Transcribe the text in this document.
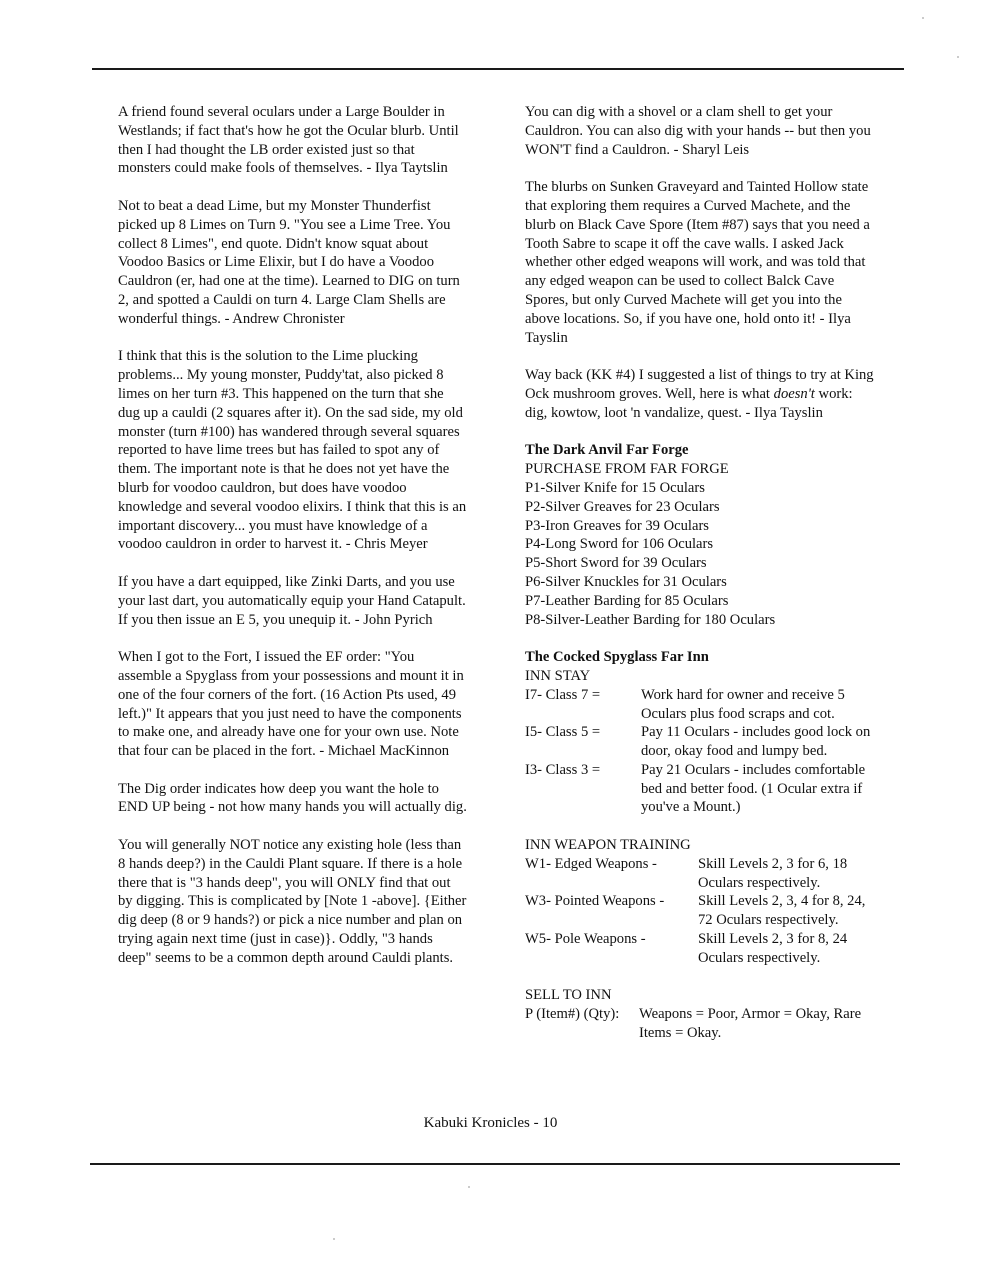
A friend found several oculars under a Large Boulder in Westlands; if fact that's how he got the Ocular blurb. Until then I had thought the LB order existed just so that monsters could make fools of themselves. - Ilya Taytslin

Not to beat a dead Lime, but my Monster Thunderfist picked up 8 Limes on Turn 9. "You see a Lime Tree. You collect 8 Limes", end quote. Didn't know squat about Voodoo Basics or Lime Elixir, but I do have a Voodoo Cauldron (er, had one at the time). Learned to DIG on turn 2, and spotted a Cauldi on turn 4. Large Clam Shells are wonderful things. - Andrew Chronister

I think that this is the solution to the Lime plucking problems... My young monster, Puddy'tat, also picked 8 limes on her turn #3. This happened on the turn that she dug up a cauldi (2 squares after it). On the sad side, my old monster (turn #100) has wandered through several squares reported to have lime trees but has failed to spot any of them. The important note is that he does not yet have the blurb for voodoo cauldron, but does have voodoo knowledge and several voodoo elixirs. I think that this is an important discovery... you must have knowledge of a voodoo cauldron in order to harvest it. - Chris Meyer

If you have a dart equipped, like Zinki Darts, and you use your last dart, you automatically equip your Hand Catapult. If you then issue an E 5, you unequip it. - John Pyrich

When I got to the Fort, I issued the EF order: "You assemble a Spyglass from your possessions and mount it in one of the four corners of the fort. (16 Action Pts used, 49 left.)" It appears that you just need to have the components to make one, and already have one for your own use. Note that four can be placed in the fort. - Michael MacKinnon

The Dig order indicates how deep you want the hole to END UP being - not how many hands you will actually dig.

You will generally NOT notice any existing hole (less than 8 hands deep?) in the Cauldi Plant square. If there is a hole there that is "3 hands deep", you will ONLY find that out by digging. This is complicated by [Note 1 -above]. {Either dig deep (8 or 9 hands?) or pick a nice number and plan on trying again next time (just in case)}. Oddly, "3 hands deep" seems to be a common depth around Cauldi plants.

You can dig with a shovel or a clam shell to get your Cauldron. You can also dig with your hands -- but then you WON'T find a Cauldron. - Sharyl Leis

The blurbs on Sunken Graveyard and Tainted Hollow state that exploring them requires a Curved Machete, and the blurb on Black Cave Spore (Item #87) says that you need a Tooth Sabre to scape it off the cave walls. I asked Jack whether other edged weapons will work, and was told that any edged weapon can be used to collect Balck Cave Spores, but only Curved Machete will get you into the above locations. So, if you have one, hold onto it! - Ilya Tayslin

Way back (KK #4) I suggested a list of things to try at King Ock mushroom groves. Well, here is what doesn't work: dig, kowtow, loot 'n vandalize, quest. - Ilya Tayslin

The Dark Anvil Far Forge
PURCHASE FROM FAR FORGE
P1-Silver Knife for 15 Oculars
P2-Silver Greaves for 23 Oculars
P3-Iron Greaves for 39 Oculars
P4-Long Sword for 106 Oculars
P5-Short Sword for 39 Oculars
P6-Silver Knuckles for 31 Oculars
P7-Leather Barding for 85 Oculars
P8-Silver-Leather Barding for 180 Oculars
The Cocked Spyglass Far Inn
INN STAY
I7- Class 7 =	Work hard for owner and receive 5 Oculars plus food scraps and cot.
I5- Class 5 =	Pay 11 Oculars - includes good lock on door, okay food and lumpy bed.
I3- Class 3 =	Pay 21 Oculars - includes comfortable bed and better food. (1 Ocular extra if you've a Mount.)
INN WEAPON TRAINING
W1- Edged Weapons -	Skill Levels 2, 3 for 6, 18 Oculars respectively.
W3- Pointed Weapons -	Skill Levels 2, 3, 4 for 8, 24, 72 Oculars respectively.
W5- Pole Weapons -	Skill Levels 2, 3 for 8, 24 Oculars respectively.
SELL TO INN
P (Item#) (Qty):	Weapons = Poor, Armor = Okay, Rare Items = Okay.
Kabuki Kronicles - 10
